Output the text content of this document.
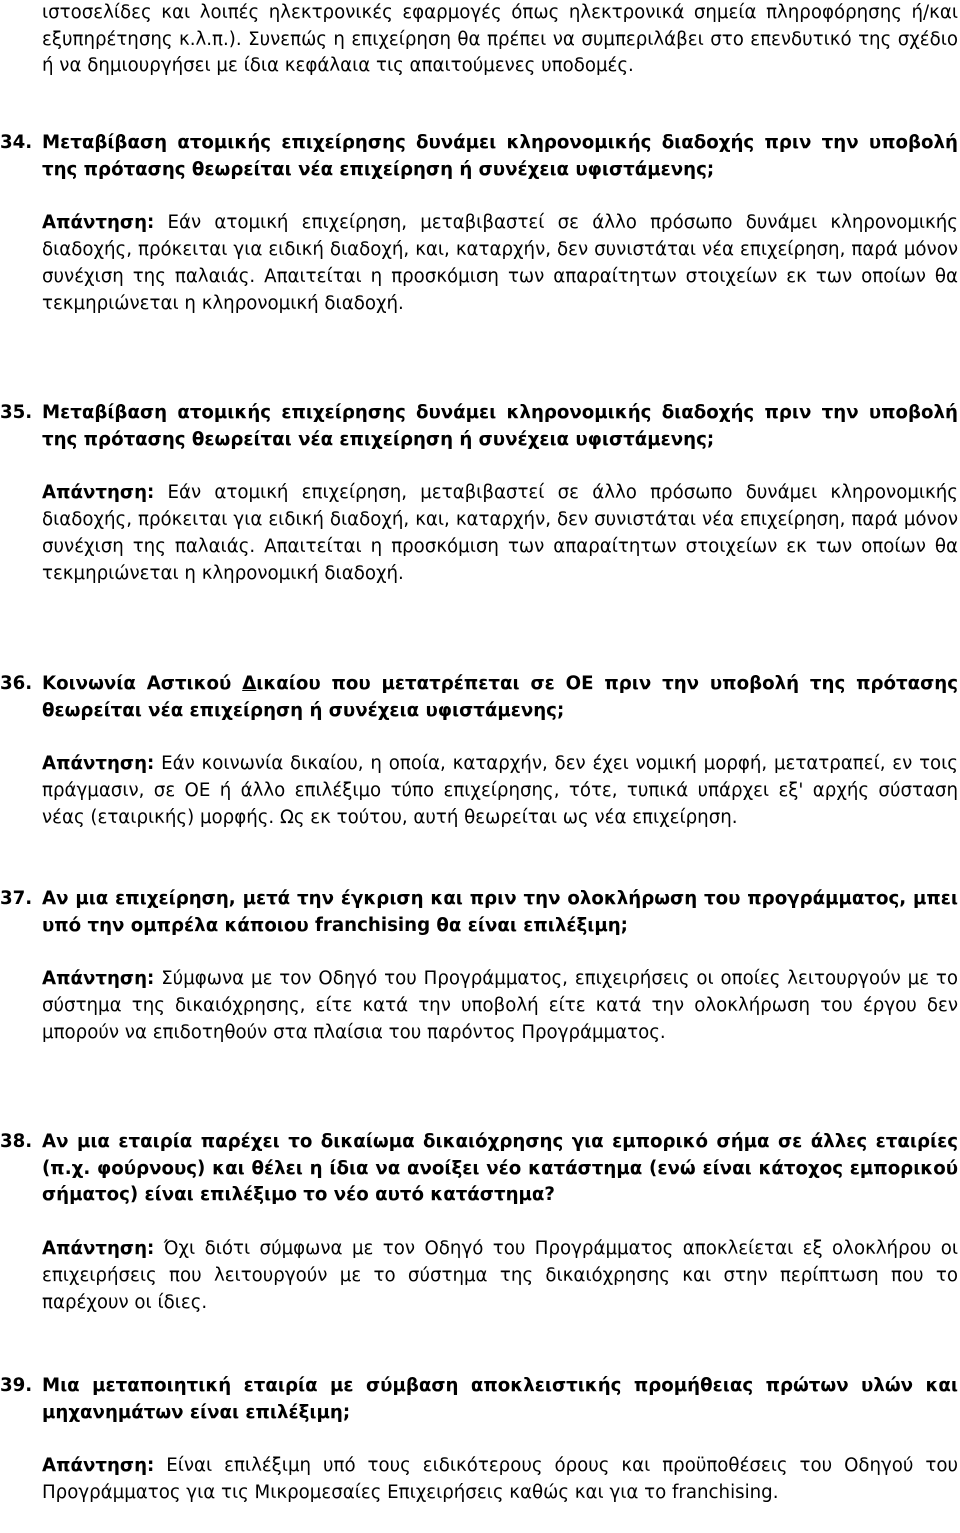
ιστοσελίδες και λοιπές ηλεκτρονικές εφαρμογές όπως ηλεκτρονικά σημεία πληροφόρησης ή/και εξυπηρέτησης κ.λ.π.). Συνεπώς η επιχείρηση θα πρέπει να συμπεριλάβει στο επενδυτικό της σχέδιο ή να δημιουργήσει με ίδια κεφάλαια τις απαιτούμενες υποδομές.

34. Μεταβίβαση ατομικής επιχείρησης δυνάμει κληρονομικής διαδοχής πριν την υποβολή της πρότασης θεωρείται νέα επιχείρηση ή συνέχεια υφιστάμενης;

Απάντηση: Εάν ατομική επιχείρηση, μεταβιβαστεί σε άλλο πρόσωπο δυνάμει κληρονομικής διαδοχής, πρόκειται για ειδική διαδοχή, και, καταρχήν, δεν συνιστάται νέα επιχείρηση, παρά μόνον συνέχιση της παλαιάς. Απαιτείται η προσκόμιση των απαραίτητων στοιχείων εκ των οποίων θα τεκμηριώνεται η κληρονομική διαδοχή.

35. Μεταβίβαση ατομικής επιχείρησης δυνάμει κληρονομικής διαδοχής πριν την υποβολή της πρότασης θεωρείται νέα επιχείρηση ή συνέχεια υφιστάμενης;

Απάντηση: Εάν ατομική επιχείρηση, μεταβιβαστεί σε άλλο πρόσωπο δυνάμει κληρονομικής διαδοχής, πρόκειται για ειδική διαδοχή, και, καταρχήν, δεν συνιστάται νέα επιχείρηση, παρά μόνον συνέχιση της παλαιάς. Απαιτείται η προσκόμιση των απαραίτητων στοιχείων εκ των οποίων θα τεκμηριώνεται η κληρονομική διαδοχή.

36. Κοινωνία Αστικού Δικαίου που μετατρέπεται σε ΟΕ πριν την υποβολή της πρότασης θεωρείται νέα επιχείρηση ή συνέχεια υφιστάμενης;

Απάντηση: Εάν κοινωνία δικαίου, η οποία, καταρχήν, δεν έχει νομική μορφή, μετατραπεί, εν τοις πράγμασιν, σε ΟΕ ή άλλο επιλέξιμο τύπο επιχείρησης, τότε, τυπικά υπάρχει εξ' αρχής σύσταση νέας (εταιρικής) μορφής. Ως εκ τούτου, αυτή θεωρείται ως νέα επιχείρηση.

37. Αν μια επιχείρηση, μετά την έγκριση και πριν την ολοκλήρωση του προγράμματος, μπει υπό την ομπρέλα κάποιου franchising θα είναι επιλέξιμη;

Απάντηση: Σύμφωνα με τον Οδηγό του Προγράμματος, επιχειρήσεις οι οποίες λειτουργούν με το σύστημα της δικαιόχρησης, είτε κατά την υποβολή είτε κατά την ολοκλήρωση του έργου δεν μπορούν να επιδοτηθούν στα πλαίσια του παρόντος Προγράμματος.

38. Αν μια εταιρία παρέχει το δικαίωμα δικαιόχρησης για εμπορικό σήμα σε άλλες εταιρίες (π.χ. φούρνους) και θέλει η ίδια να ανοίξει νέο κατάστημα (ενώ είναι κάτοχος εμπορικού σήματος) είναι επιλέξιμο το νέο αυτό κατάστημα?

Απάντηση: Όχι διότι σύμφωνα με τον Οδηγό του Προγράμματος αποκλείεται εξ ολοκλήρου οι επιχειρήσεις που λειτουργούν με το σύστημα της δικαιόχρησης και στην περίπτωση που το παρέχουν οι ίδιες.

39. Μια μεταποιητική εταιρία με σύμβαση αποκλειστικής προμήθειας πρώτων υλών και μηχανημάτων είναι επιλέξιμη;

Απάντηση: Είναι επιλέξιμη υπό τους ειδικότερους όρους και προϋποθέσεις του Οδηγού του Προγράμματος για τις Μικρομεσαίες Επιχειρήσεις καθώς και για το franchising.
